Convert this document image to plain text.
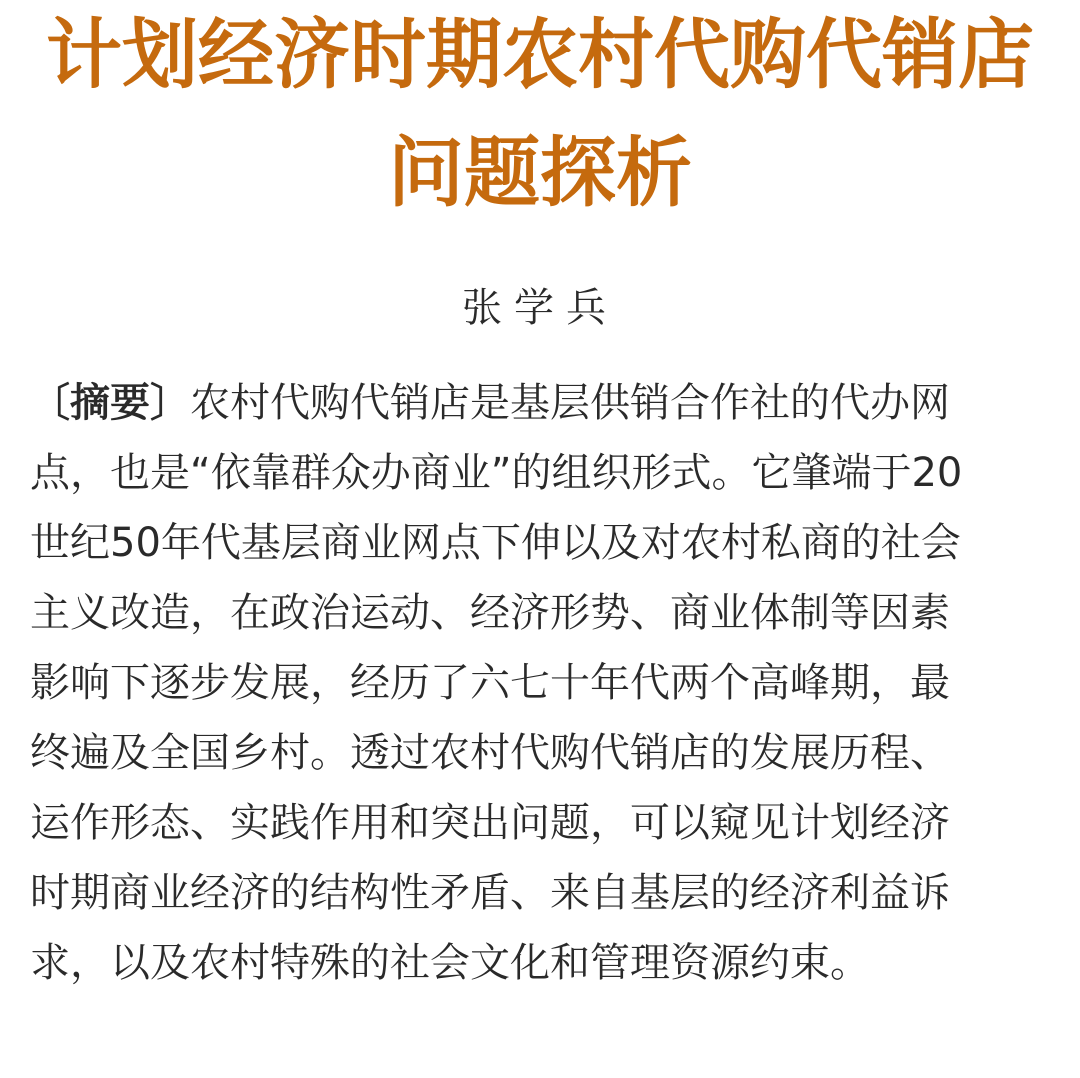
计划经济时期农村代购代销店
问题探析
张学兵
〔摘要〕农村代购代销店是基层供销合作社的代办网
点，也是“依靠群众办商业”的组织形式。它肇端于20
世纪50年代基层商业网点下伸以及对农村私商的社会
主义改造，在政治运动、经济形势、商业体制等因素
影响下逐步发展，经历了六七十年代两个高峰期，最
终遍及全国乡村。透过农村代购代销店的发展历程、
运作形态、实践作用和突出问题，可以窥见计划经济
时期商业经济的结构性矛盾、来自基层的经济利益诉
求，以及农村特殊的社会文化和管理资源约束。
